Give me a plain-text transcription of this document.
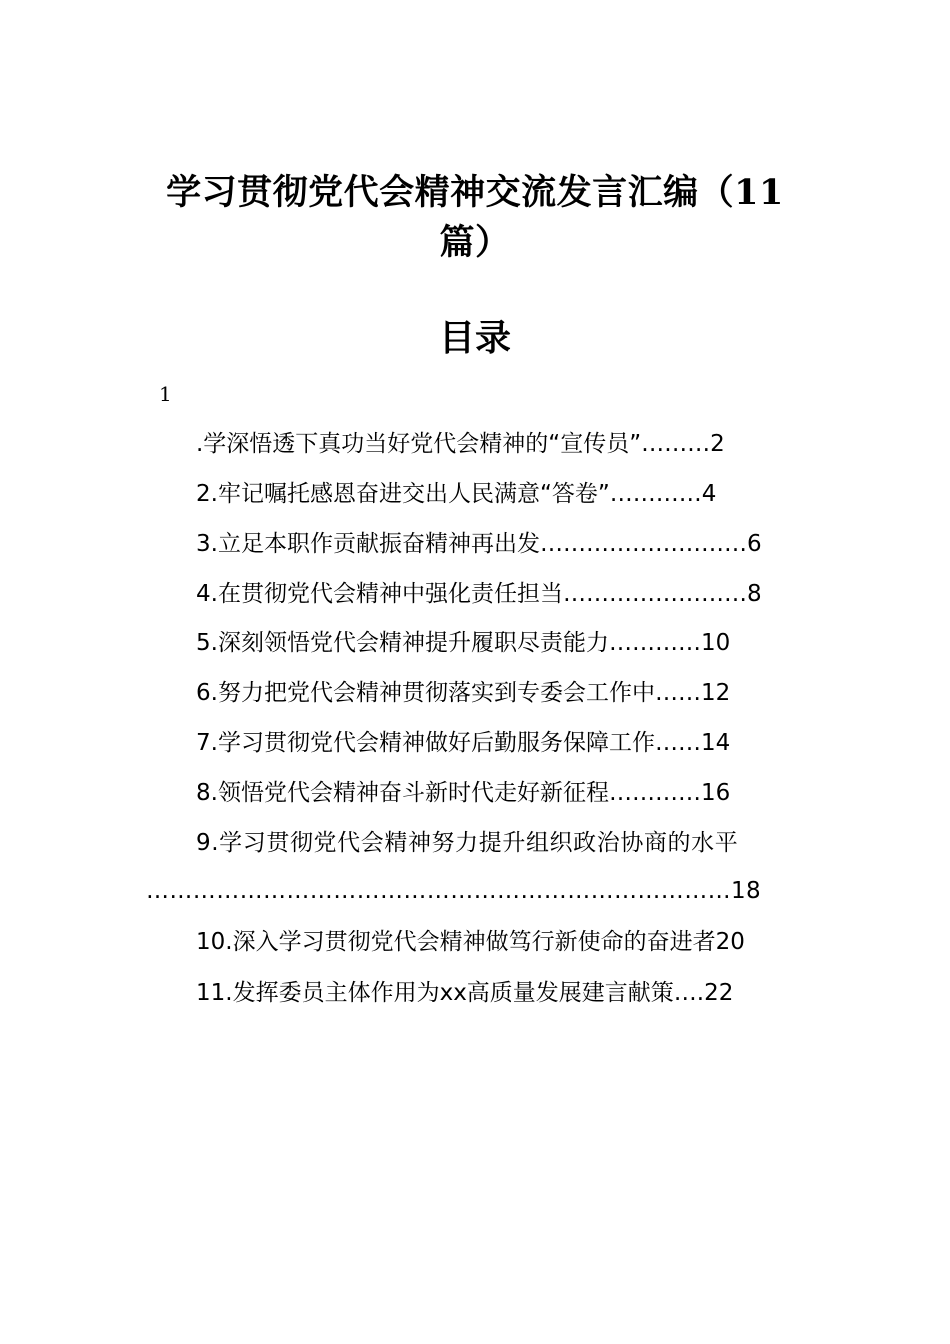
学习贯彻党代会精神交流发言汇编（11
篇）
目录
1
.学深悟透下真功当好党代会精神的“宣传员”………2
2.牢记嘱托感恩奋进交出人民满意“答卷”…………4
3.立足本职作贡献振奋精神再出发………………………6
4.在贯彻党代会精神中强化责任担当……………………8
5.深刻领悟党代会精神提升履职尽责能力…………10
6.努力把党代会精神贯彻落实到专委会工作中……12
7.学习贯彻党代会精神做好后勤服务保障工作……14
8.领悟党代会精神奋斗新时代走好新征程…………16
9.学习贯彻党代会精神努力提升组织政治协商的水平
…………………………………………………………………18
10.深入学习贯彻党代会精神做笃行新使命的奋进者20
11.发挥委员主体作用为xx高质量发展建言献策….22
